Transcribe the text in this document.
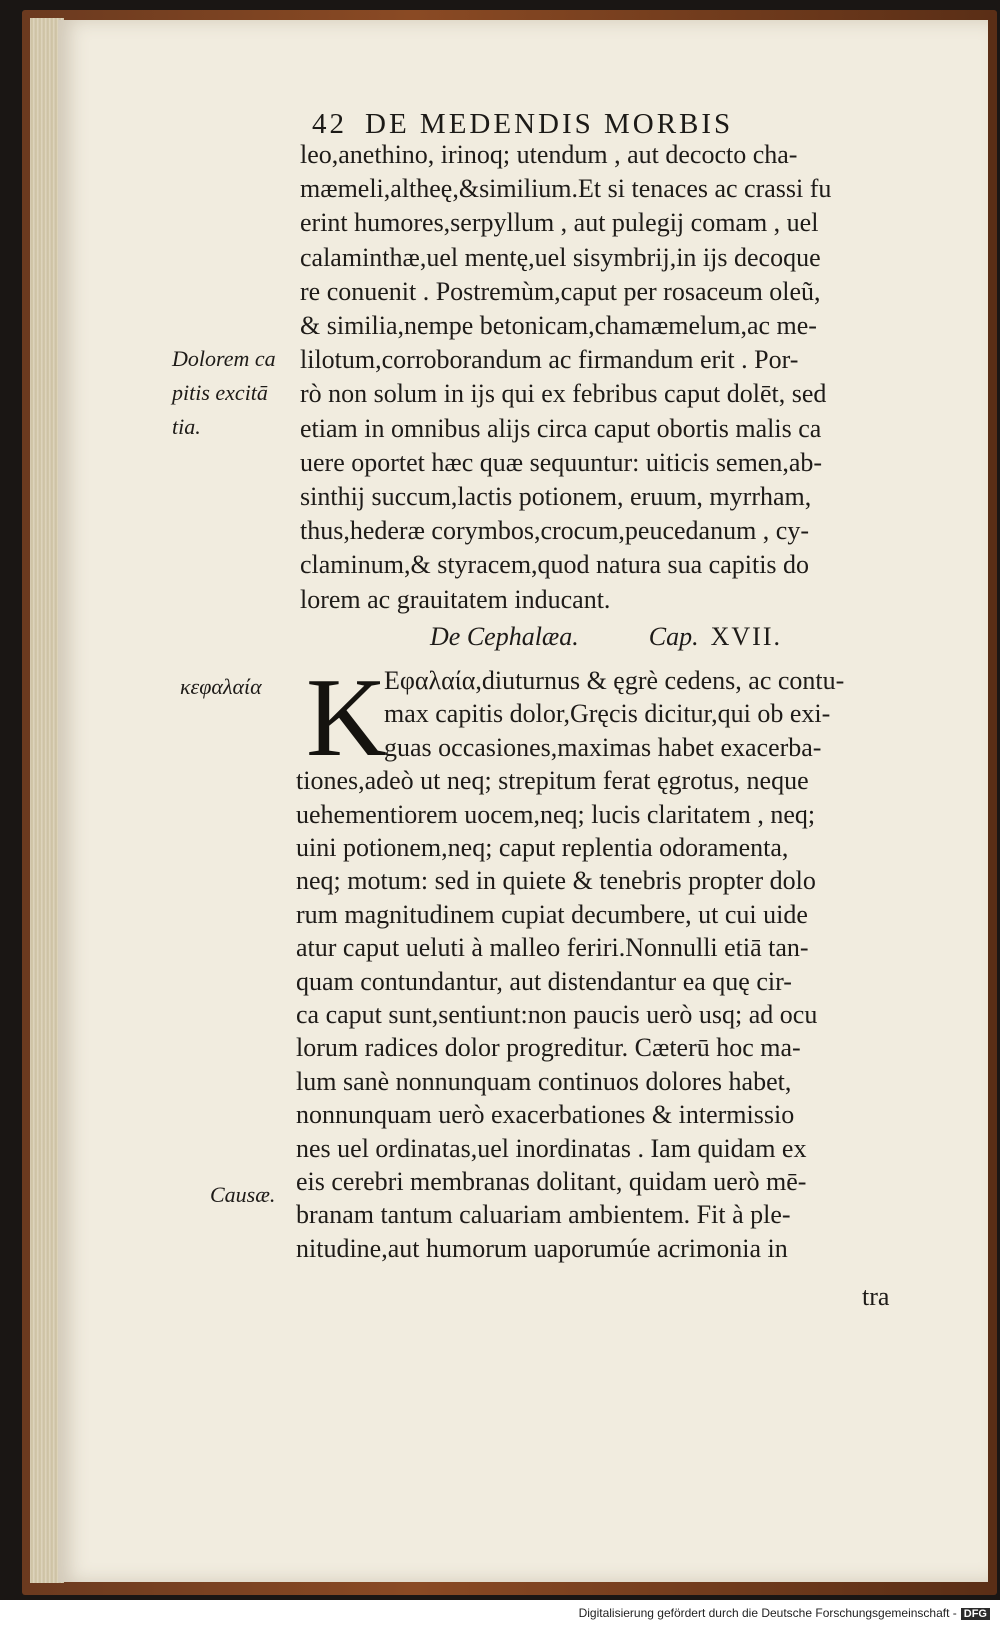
42 DE MEDENDIS MORBIS
leo,anethino, irinoq; utendum , aut decocto cha-
mæmeli,altheę,&similium.Et si tenaces ac crassi fu
erint humores,serpyllum , aut pulegij comam , uel
calaminthæ,uel mentę,uel sisymbrij,in ijs decoque
re conuenit . Postremùm,caput per rosaceum oleũ,
& similia,nempe betonicam,chamæmelum,ac me-
lilotum,corroborandum ac firmandum erit . Por-
rò non solum in ijs qui ex febribus caput dolēt, sed
etiam in omnibus alijs circa caput obortis malis ca
uere oportet hæc quæ sequuntur: uiticis semen,ab-
sinthij succum,lactis potionem, eruum, myrrham,
thus,hederæ corymbos,crocum,peucedanum , cy-
claminum,& styracem,quod natura sua capitis do
lorem ac grauitatem inducant.
Dolorem ca
pitis excitā
tia.
De Cephalæa.	Cap. XVII.
κεφαλαία K
Εφαλαία,diuturnus & ęgrè cedens, ac contu-
max capitis dolor,Gręcis dicitur,qui ob exi-
guas occasiones,maximas habet exacerba-
tiones,adeò ut neq; strepitum ferat ęgrotus, neque
uehementiorem uocem,neq; lucis claritatem , neq;
uini potionem,neq; caput replentia odoramenta,
neq; motum: sed in quiete & tenebris propter dolo
rum magnitudinem cupiat decumbere, ut cui uide
atur caput ueluti à malleo feriri.Nonnulli etiā tan-
quam contundantur, aut distendantur ea quę cir-
ca caput sunt,sentiunt:non paucis uerò usq; ad ocu
lorum radices dolor progreditur. Cæterū hoc ma-
lum sanè nonnunquam continuos dolores habet,
nonnunquam uerò exacerbationes & intermissio
nes uel ordinatas,uel inordinatas . Iam quidam ex
eis cerebri membranas dolitant, quidam uerò mē-
branam tantum caluariam ambientem. Fit à ple-
nitudine,aut humorum uaporumúe acrimonia in
Causæ.
tra
Digitalisierung gefördert durch die Deutsche Forschungsgemeinschaft - DFG
